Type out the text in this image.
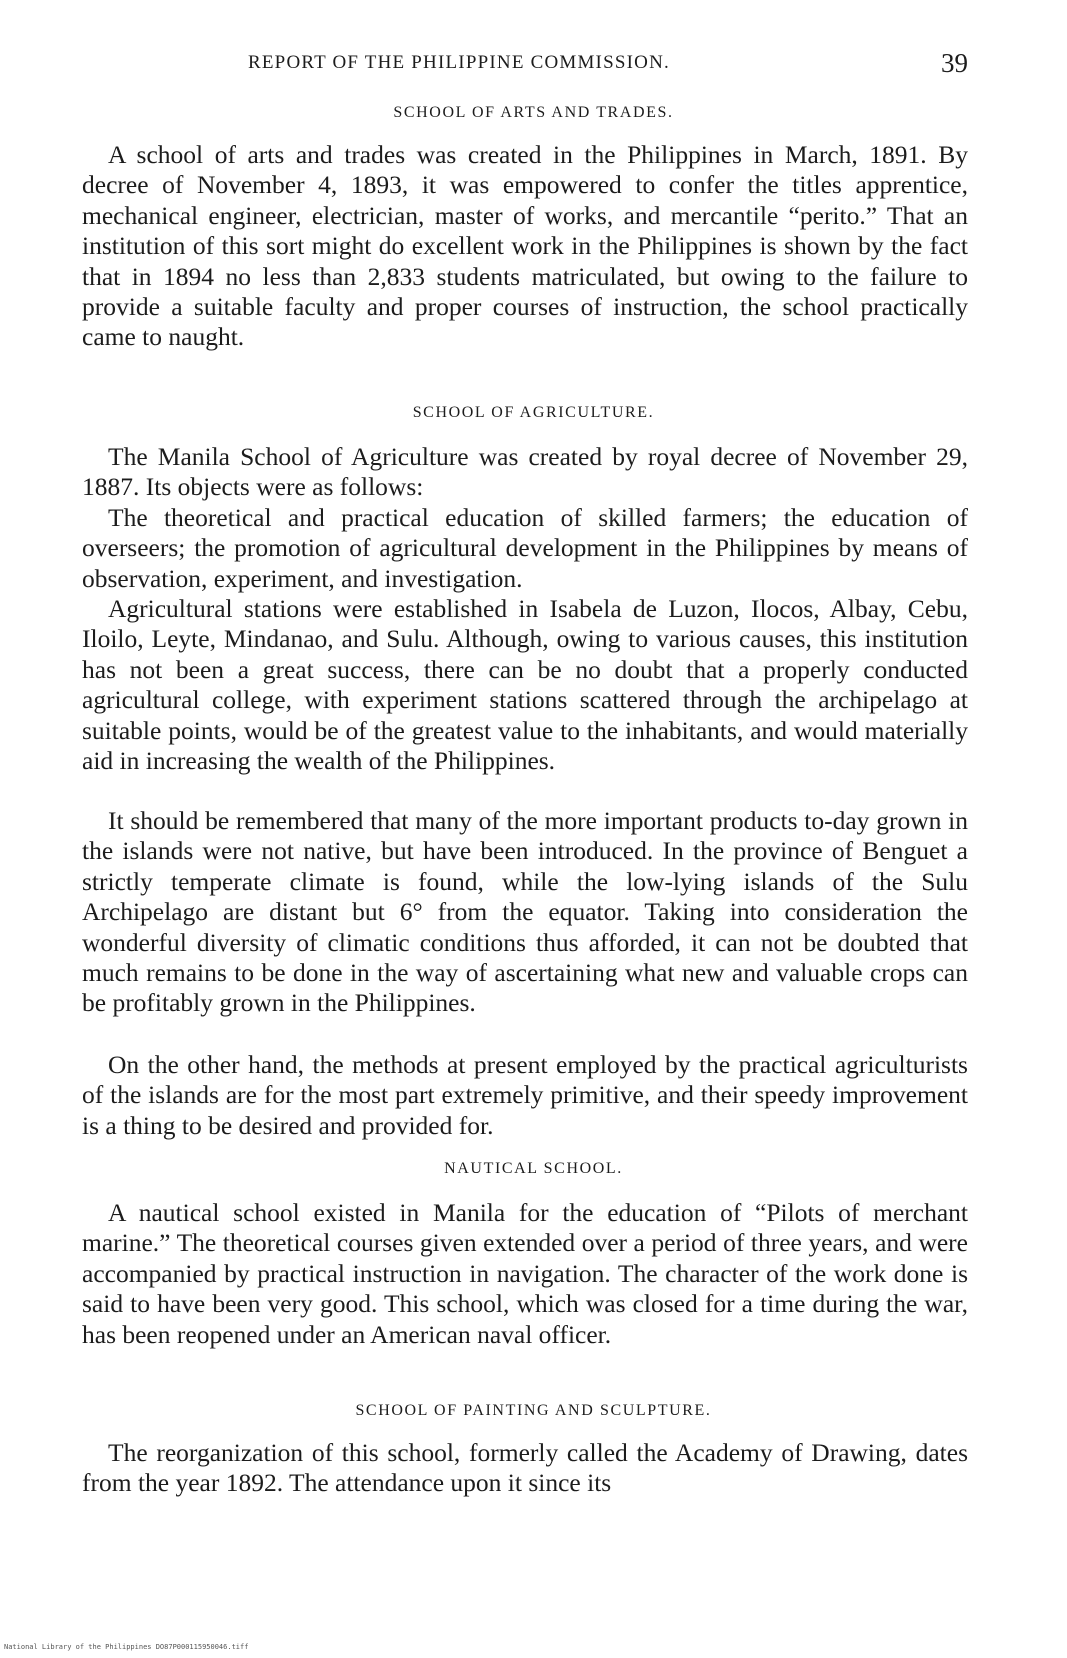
REPORT OF THE PHILIPPINE COMMISSION.	39
SCHOOL OF ARTS AND TRADES.

A school of arts and trades was created in the Philippines in March, 1891. By decree of November 4, 1893, it was empowered to confer the titles apprentice, mechanical engineer, electrician, master of works, and mercantile “perito.” That an institution of this sort might do excellent work in the Philippines is shown by the fact that in 1894 no less than 2,833 students matriculated, but owing to the failure to provide a suitable faculty and proper courses of instruction, the school practically came to naught.

SCHOOL OF AGRICULTURE.

The Manila School of Agriculture was created by royal decree of November 29, 1887. Its objects were as follows:

The theoretical and practical education of skilled farmers; the education of overseers; the promotion of agricultural development in the Philippines by means of observation, experiment, and investigation.

Agricultural stations were established in Isabela de Luzon, Ilocos, Albay, Cebu, Iloilo, Leyte, Mindanao, and Sulu. Although, owing to various causes, this institution has not been a great success, there can be no doubt that a properly conducted agricultural college, with experiment stations scattered through the archipelago at suitable points, would be of the greatest value to the inhabitants, and would materially aid in increasing the wealth of the Philippines.

It should be remembered that many of the more important products to-day grown in the islands were not native, but have been introduced. In the province of Benguet a strictly temperate climate is found, while the low-lying islands of the Sulu Archipelago are distant but 6° from the equator. Taking into consideration the wonderful diversity of climatic conditions thus afforded, it can not be doubted that much remains to be done in the way of ascertaining what new and valuable crops can be profitably grown in the Philippines.

On the other hand, the methods at present employed by the practical agriculturists of the islands are for the most part extremely primitive, and their speedy improvement is a thing to be desired and provided for.

NAUTICAL SCHOOL.

A nautical school existed in Manila for the education of “Pilots of merchant marine.” The theoretical courses given extended over a period of three years, and were accompanied by practical instruction in navigation. The character of the work done is said to have been very good. This school, which was closed for a time during the war, has been reopened under an American naval officer.

SCHOOL OF PAINTING AND SCULPTURE.

The reorganization of this school, formerly called the Academy of Drawing, dates from the year 1892. The attendance upon it since its

National Library of the Philippines DO87P000115950046.tiff
